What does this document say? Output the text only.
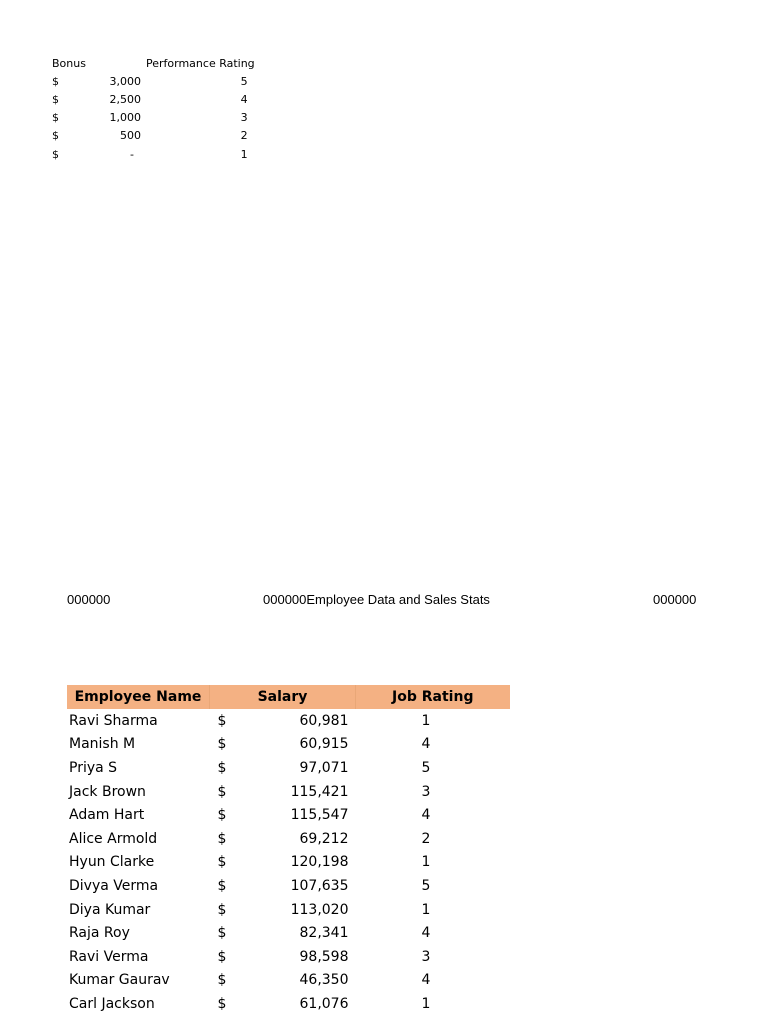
Bonus		Performance Rating
$	3,000	5
$	2,500	4
$	1,000	3
$	500	2
$	-	1
000000	000000Employee Data and Sales Stats	000000
Employee Name	Salary		Job Rating
Ravi Sharma	$	60,981	1
Manish M	$	60,915	4
Priya S	$	97,071	5
Jack Brown	$	115,421	3
Adam Hart	$	115,547	4
Alice Armold	$	69,212	2
Hyun Clarke	$	120,198	1
Divya Verma	$	107,635	5
Diya Kumar	$	113,020	1
Raja Roy	$	82,341	4
Ravi Verma	$	98,598	3
Kumar Gaurav	$	46,350	4
Carl Jackson	$	61,076	1
